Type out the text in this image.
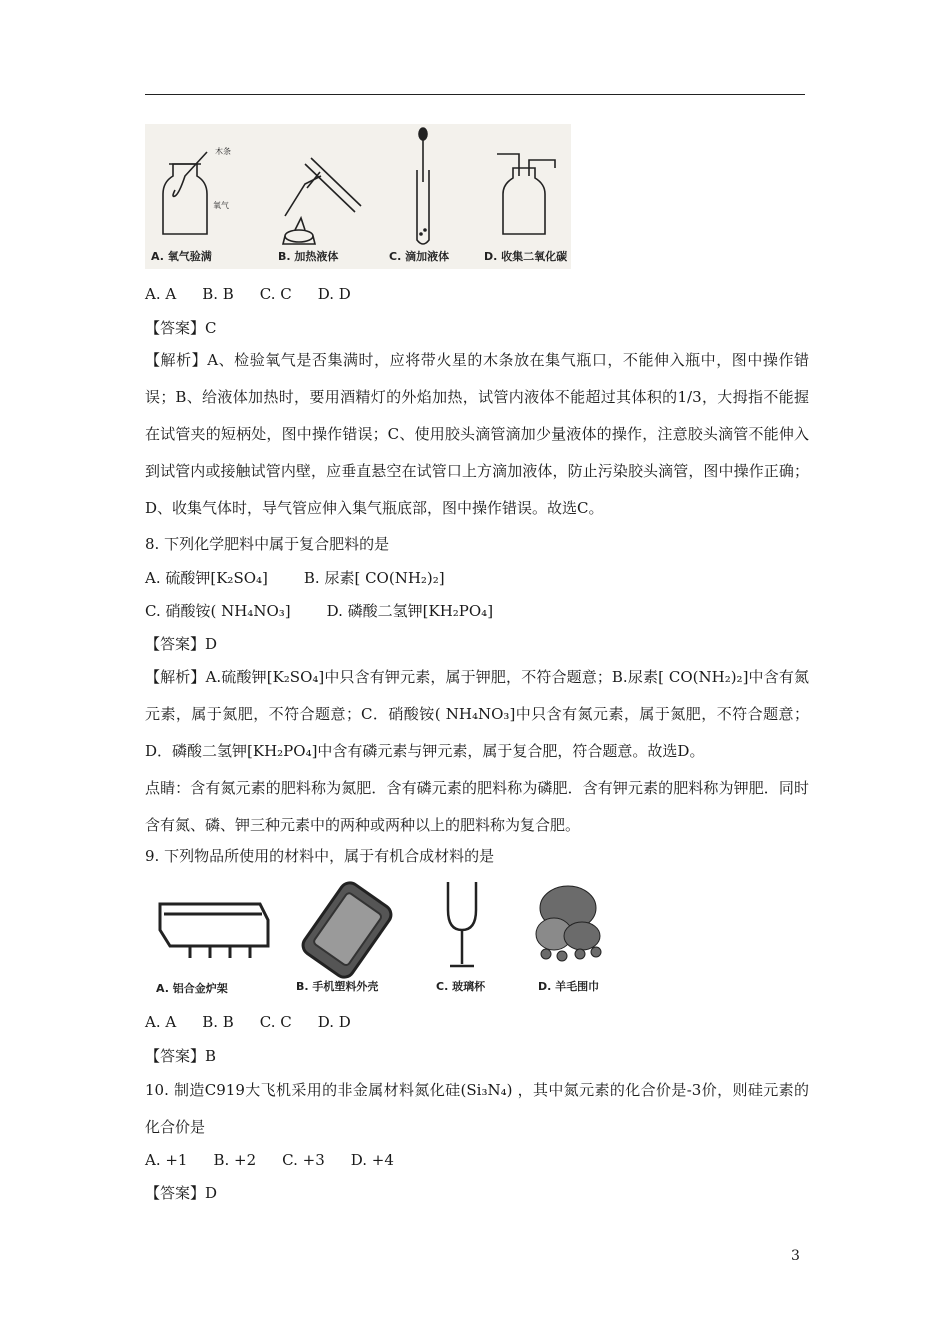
木条
氧气
A. 氧气验满	B. 加热液体	C. 滴加液体	D. 收集二氧化碳
A. A B. B C. C D. D
【答案】C
【解析】A、检验氧气是否集满时，应将带火星的木条放在集气瓶口，不能伸入瓶中，图中操作错误；B、给液体加热时，要用酒精灯的外焰加热，试管内液体不能超过其体积的1/3，大拇指不能握在试管夹的短柄处，图中操作错误；C、使用胶头滴管滴加少量液体的操作，注意胶头滴管不能伸入到试管内或接触试管内壁，应垂直悬空在试管口上方滴加液体，防止污染胶头滴管，图中操作正确；D、收集气体时，导气管应伸入集气瓶底部，图中操作错误。故选C。
8. 下列化学肥料中属于复合肥料的是
A. 硫酸钾[K₂SO₄] B. 尿素[ CO(NH₂)₂]
C. 硝酸铵( NH₄NO₃] D. 磷酸二氢钾[KH₂PO₄]
【答案】D
【解析】A.硫酸钾[K₂SO₄]中只含有钾元素，属于钾肥，不符合题意；B.尿素[ CO(NH₂)₂]中含有氮元素，属于氮肥，不符合题意；C．硝酸铵( NH₄NO₃]中只含有氮元素，属于氮肥，不符合题意；D．磷酸二氢钾[KH₂PO₄]中含有磷元素与钾元素，属于复合肥，符合题意。故选D。
点睛：含有氮元素的肥料称为氮肥．含有磷元素的肥料称为磷肥．含有钾元素的肥料称为钾肥．同时含有氮、磷、钾三种元素中的两种或两种以上的肥料称为复合肥。
9. 下列物品所使用的材料中，属于有机合成材料的是
A. 铝合金炉架	B. 手机塑料外壳	C. 玻璃杯	D. 羊毛围巾
A. A B. B C. C D. D
【答案】B
10. 制造C919大飞机采用的非金属材料氮化硅(Si₃N₄) ，其中氮元素的化合价是-3价，则硅元素的化合价是
A. +1 B. +2 C. +3 D. +4
【答案】D
3
